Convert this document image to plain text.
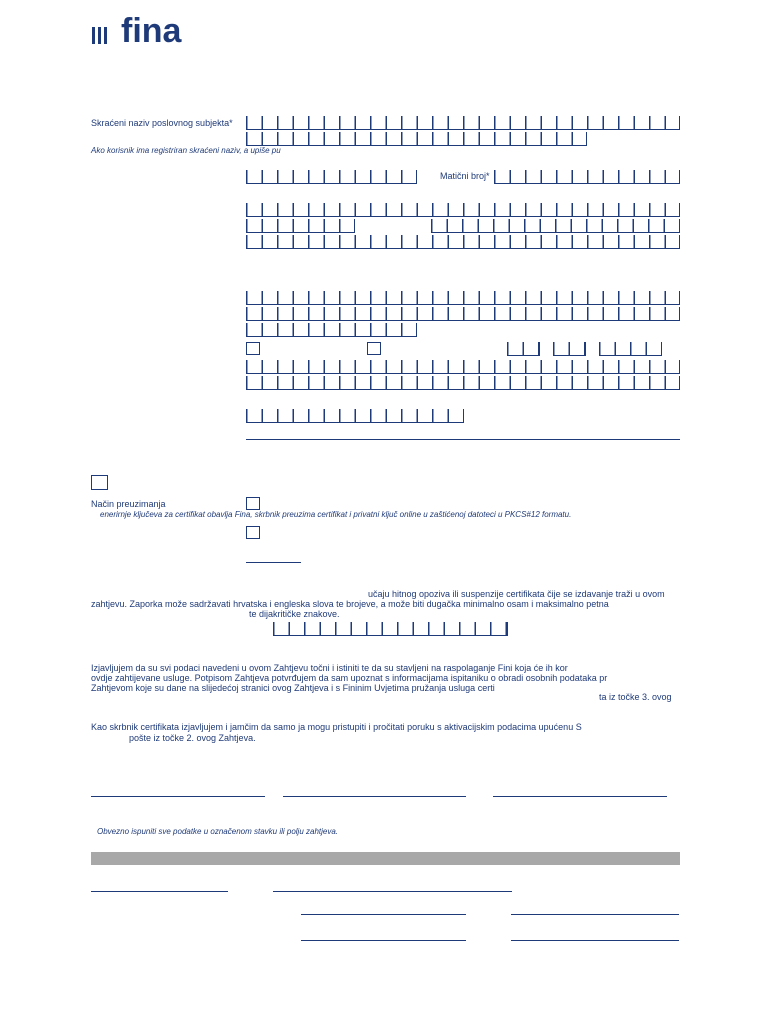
fina
Skraćeni naziv poslovnog subjekta*
Ako korisnik ima registriran skraćeni naziv, a upiše pu
Matični broj*
Način preuzimanja
enerirnje ključeva za certifikat obavlja Fina, skrbnik preuzima certifikat i privatni ključ online u zaštićenoj datoteci u PKCS#12 formatu.
učaju hitnog opoziva ili suspenzije certifikata čije se izdavanje traži u ovom
zahtjevu. Zaporka može sadržavati hrvatska i engleska slova te brojeve, a može biti dugačka minimalno osam i maksimalno petna
te dijakritičke znakove.
Izjavljujem da su svi podaci navedeni u ovom Zahtjevu točni i istiniti te da su stavljeni na raspolaganje Fini koja će ih kor
ovdje zahtijevane usluge. Potpisom Zahtjeva potvrđujem da sam upoznat s informacijama ispitaniku o obradi osobnih podataka pr
Zahtjevom koje su dane na slijedećoj stranici ovog Zahtjeva i s Fininim Uvjetima pružanja usluga certi
ta iz točke 3. ovog
Kao skrbnik certifikata izjavljujem i jamčim da samo ja mogu pristupiti i pročitati poruku s aktivacijskim podacima upućenu S
pošte iz točke 2. ovog Zahtjeva.
Obvezno ispuniti sve podatke u označenom stavku ili polju zahtjeva.
